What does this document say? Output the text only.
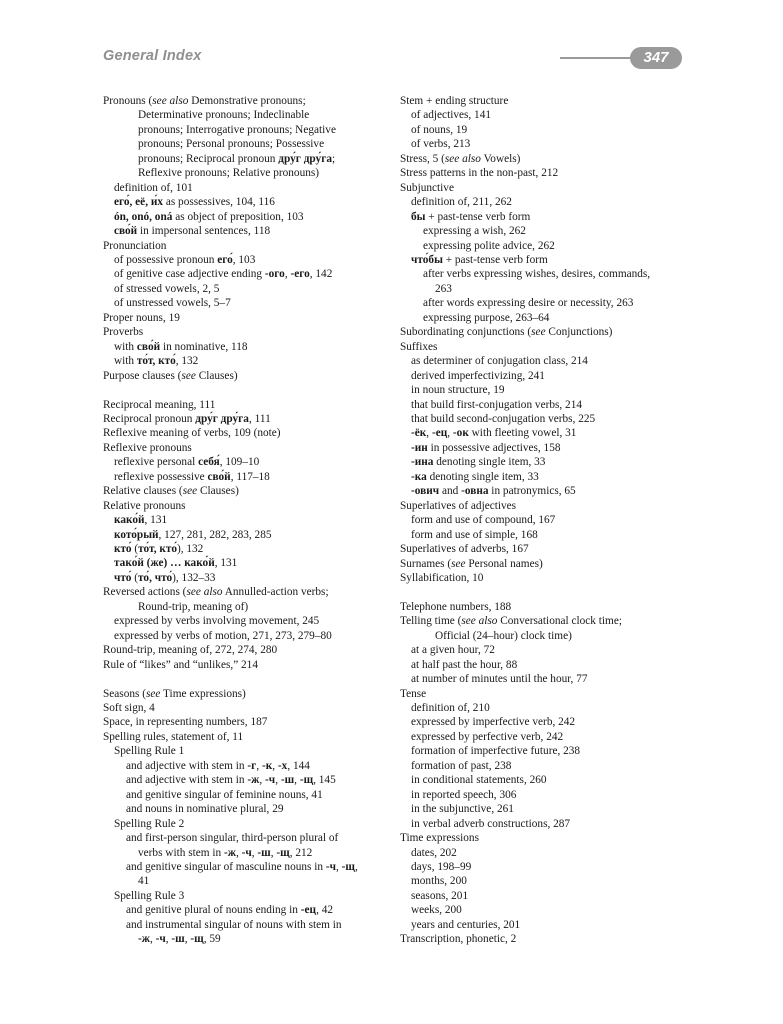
General Index	347
Pronouns (see also Demonstrative pronouns;
Determinative pronouns; Indeclinable
pronouns; Interrogative pronouns; Negative
pronouns; Personal pronouns; Possessive
pronouns; Reciprocal pronoun дру́г дру́га;
Reflexive pronouns; Relative pronouns)
definition of, 101
его́, её, и́х as possessives, 104, 116
ón, onó, oná as object of preposition, 103
сво́й in impersonal sentences, 118
Pronunciation
of possessive pronoun его́, 103
of genitive case adjective ending -ого, -его, 142
of stressed vowels, 2, 5
of unstressed vowels, 5–7
Proper nouns, 19
Proverbs
with сво́й in nominative, 118
with то́т, кто́, 132
Purpose clauses (see Clauses)
Reciprocal meaning, 111
Reciprocal pronoun дру́г дру́га, 111
Reflexive meaning of verbs, 109 (note)
Reflexive pronouns
reflexive personal себя́, 109–10
reflexive possessive сво́й, 117–18
Relative clauses (see Clauses)
Relative pronouns
како́й, 131
кото́рый, 127, 281, 282, 283, 285
кто́ (то́т, кто́), 132
тако́й (же) … како́й, 131
что́ (то́, что́), 132–33
Reversed actions (see also Annulled-action verbs;
Round-trip, meaning of)
expressed by verbs involving movement, 245
expressed by verbs of motion, 271, 273, 279–80
Round-trip, meaning of, 272, 274, 280
Rule of “likes” and “unlikes,” 214
Seasons (see Time expressions)
Soft sign, 4
Space, in representing numbers, 187
Spelling rules, statement of, 11
Spelling Rule 1
and adjective with stem in -г, -к, -х, 144
and adjective with stem in -ж, -ч, -ш, -щ, 145
and genitive singular of feminine nouns, 41
and nouns in nominative plural, 29
Spelling Rule 2
and first-person singular, third-person plural of
verbs with stem in -ж, -ч, -ш, -щ, 212
and genitive singular of masculine nouns in -ч, -щ,
41
Spelling Rule 3
and genitive plural of nouns ending in -ец, 42
and instrumental singular of nouns with stem in
-ж, -ч, -ш, -щ, 59
Stem + ending structure
of adjectives, 141
of nouns, 19
of verbs, 213
Stress, 5 (see also Vowels)
Stress patterns in the non-past, 212
Subjunctive
definition of, 211, 262
бы + past-tense verb form
expressing a wish, 262
expressing polite advice, 262
что́бы + past-tense verb form
after verbs expressing wishes, desires, commands,
263
after words expressing desire or necessity, 263
expressing purpose, 263–64
Subordinating conjunctions (see Conjunctions)
Suffixes
as determiner of conjugation class, 214
derived imperfectivizing, 241
in noun structure, 19
that build first-conjugation verbs, 214
that build second-conjugation verbs, 225
-ёк, -ец, -ок with fleeting vowel, 31
-ин in possessive adjectives, 158
-ина denoting single item, 33
-ка denoting single item, 33
-ович and -овна in patronymics, 65
Superlatives of adjectives
form and use of compound, 167
form and use of simple, 168
Superlatives of adverbs, 167
Surnames (see Personal names)
Syllabification, 10
Telephone numbers, 188
Telling time (see also Conversational clock time;
Official (24–hour) clock time)
at a given hour, 72
at half past the hour, 88
at number of minutes until the hour, 77
Tense
definition of, 210
expressed by imperfective verb, 242
expressed by perfective verb, 242
formation of imperfective future, 238
formation of past, 238
in conditional statements, 260
in reported speech, 306
in the subjunctive, 261
in verbal adverb constructions, 287
Time expressions
dates, 202
days, 198–99
months, 200
seasons, 201
weeks, 200
years and centuries, 201
Transcription, phonetic, 2
